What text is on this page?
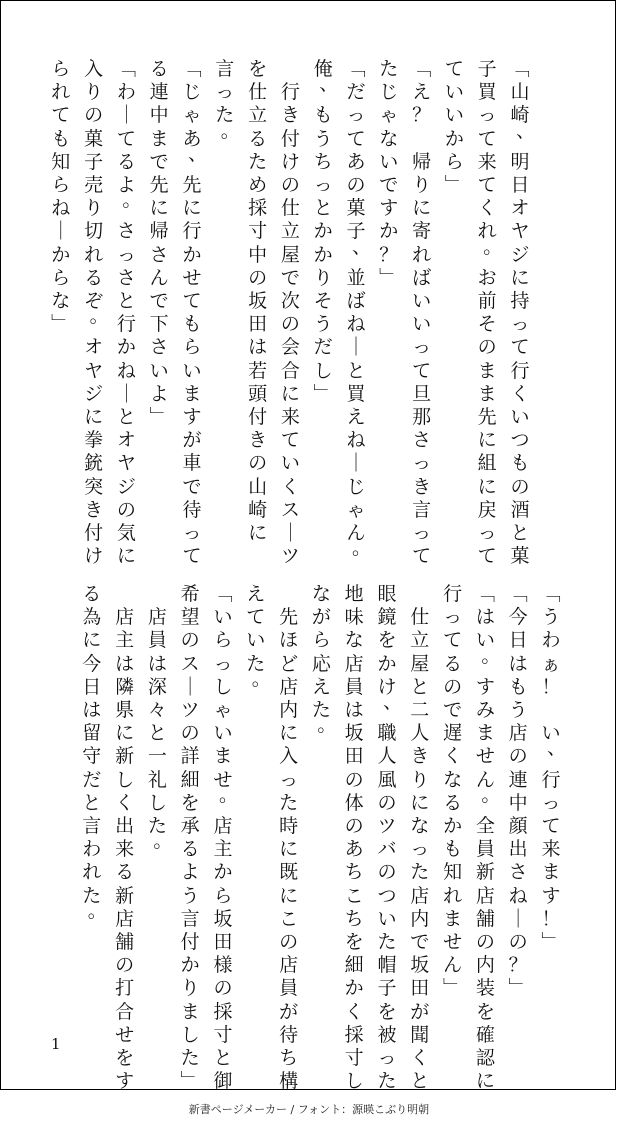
﹁
山
崎
、
明
日
オ
ヤ
ジ
に
持
っ
て
行
く
い
つ
も
の
酒
と
菓
子
買
っ
て
来
て
く
れ
。
お
前
そ
の
ま
ま
先
に
組
に
戻
っ
て
て
い
い
か
ら
﹂
﹁
え
？

帰
り
に
寄
れ
ば
い
い
っ
て
旦
那
さ
っ
き
言
っ
て
た
じ
ゃ
な
い
で
す
か
？
﹂
﹁
だ
っ
て
あ
の
菓
子
、
並
ば
ね
｜
と
買
え
ね
｜
じ
ゃ
ん
。
俺
、
も
う
ち
っ
と
か
か
り
そ
う
だ
し
﹂

行
き
付
け
の
仕
立
屋
で
次
の
会
合
に
来
て
い
く
ス
｜
ツ
を
仕
立
る
た
め
採
寸
中
の
坂
田
は
若
頭
付
き
の
山
崎
に
言
っ
た
。
﹁
じ
ゃ
あ
、
先
に
行
か
せ
て
も
ら
い
ま
す
が
車
で
待
っ
て
る
連
中
ま
で
先
に
帰
さ
ん
で
下
さ
い
よ
﹂
﹁
わ
｜
て
る
よ
。
さ
っ
さ
と
行
か
ね
｜
と
オ
ヤ
ジ
の
気
に
入
り
の
菓
子
売
り
切
れ
る
ぞ
。
オ
ヤ
ジ
に
拳
銃
突
き
付
け
ら
れ
て
も
知
ら
ね
｜
か
ら
な
﹂
﹁
う
わ
ぁ
！

い
、
行
っ
て
来
ま
す
！
﹂
﹁
今
日
は
も
う
店
の
連
中
顔
出
さ
ね
｜
の
？
﹂
﹁
は
い
。
す
み
ま
せ
ん
。
全
員
新
店
舗
の
内
装
を
確
認
に
行
っ
て
る
の
で
遅
く
な
る
か
も
知
れ
ま
せ
ん
﹂

仕
立
屋
と
二
人
き
り
に
な
っ
た
店
内
で
坂
田
が
聞
く
と
眼
鏡
を
か
け
、
職
人
風
の
ツ
バ
の
つ
い
た
帽
子
を
被
っ
た
地
味
な
店
員
は
坂
田
の
体
の
あ
ち
こ
ち
を
細
か
く
採
寸
し
な
が
ら
応
え
た
。

先
ほ
ど
店
内
に
入
っ
た
時
に
既
に
こ
の
店
員
が
待
ち
構
え
て
い
た
。
﹁
い
ら
っ
し
ゃ
い
ま
せ
。
店
主
か
ら
坂
田
様
の
採
寸
と
御
希
望
の
ス
｜
ツ
の
詳
細
を
承
る
よ
う
言
付
か
り
ま
し
た
﹂

店
員
は
深
々
と
一
礼
し
た
。

店
主
は
隣
県
に
新
し
く
出
来
る
新
店
舗
の
打
合
せ
を
す
る
為
に
今
日
は
留
守
だ
と
言
わ
れ
た
。
1
新書ページメーカー / フォント：源暎こぶり明朝
